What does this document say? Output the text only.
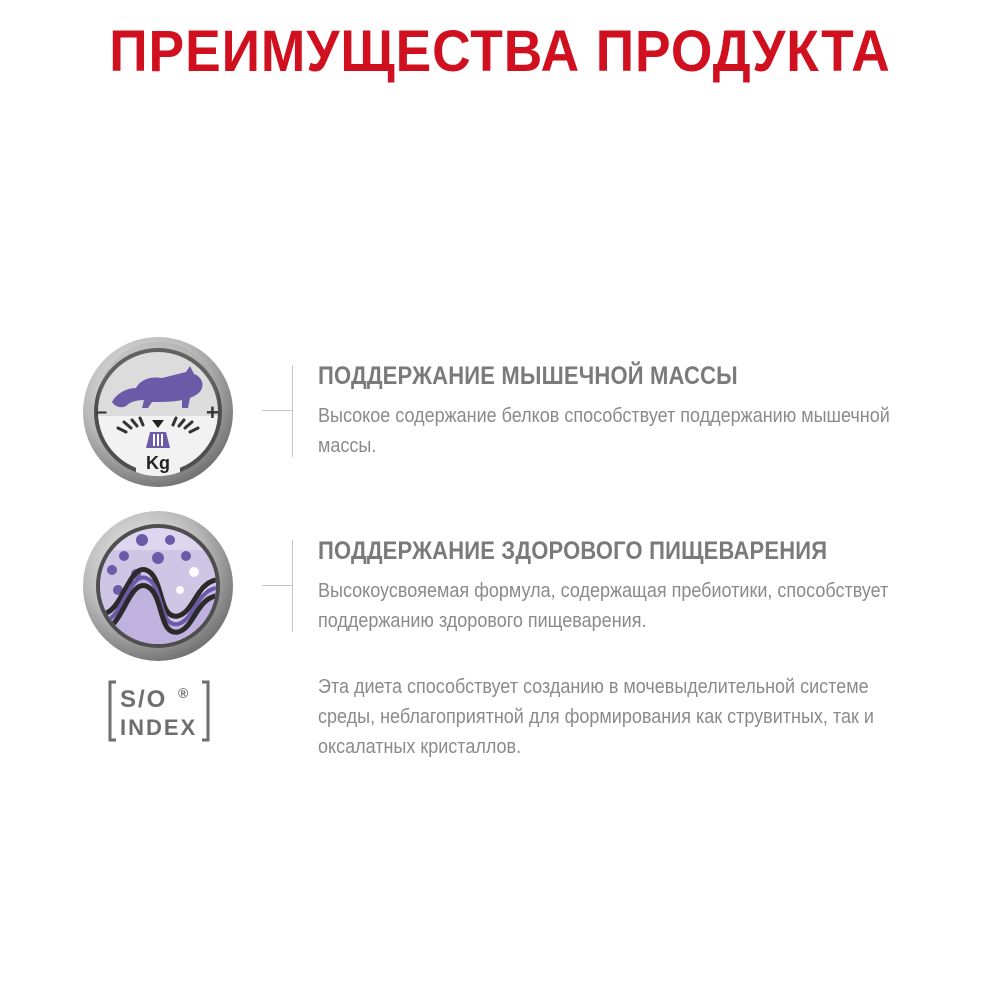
ПРЕИМУЩЕСТВА ПРОДУКТА
–	+
Kg
ПОДДЕРЖАНИЕ МЫШЕЧНОЙ МАССЫ
Высокое содержание белков способствует поддержанию мышечной массы.
ПОДДЕРЖАНИЕ ЗДОРОВОГО ПИЩЕВАРЕНИЯ
Высокоусвояемая формула, содержащая пребиотики, способствует поддержанию здорового пищеварения.
S/O ®
INDEX
Эта диета способствует созданию в мочевыделительной системе среды, неблагоприятной для формирования как струвитных, так и оксалатных кристаллов.
